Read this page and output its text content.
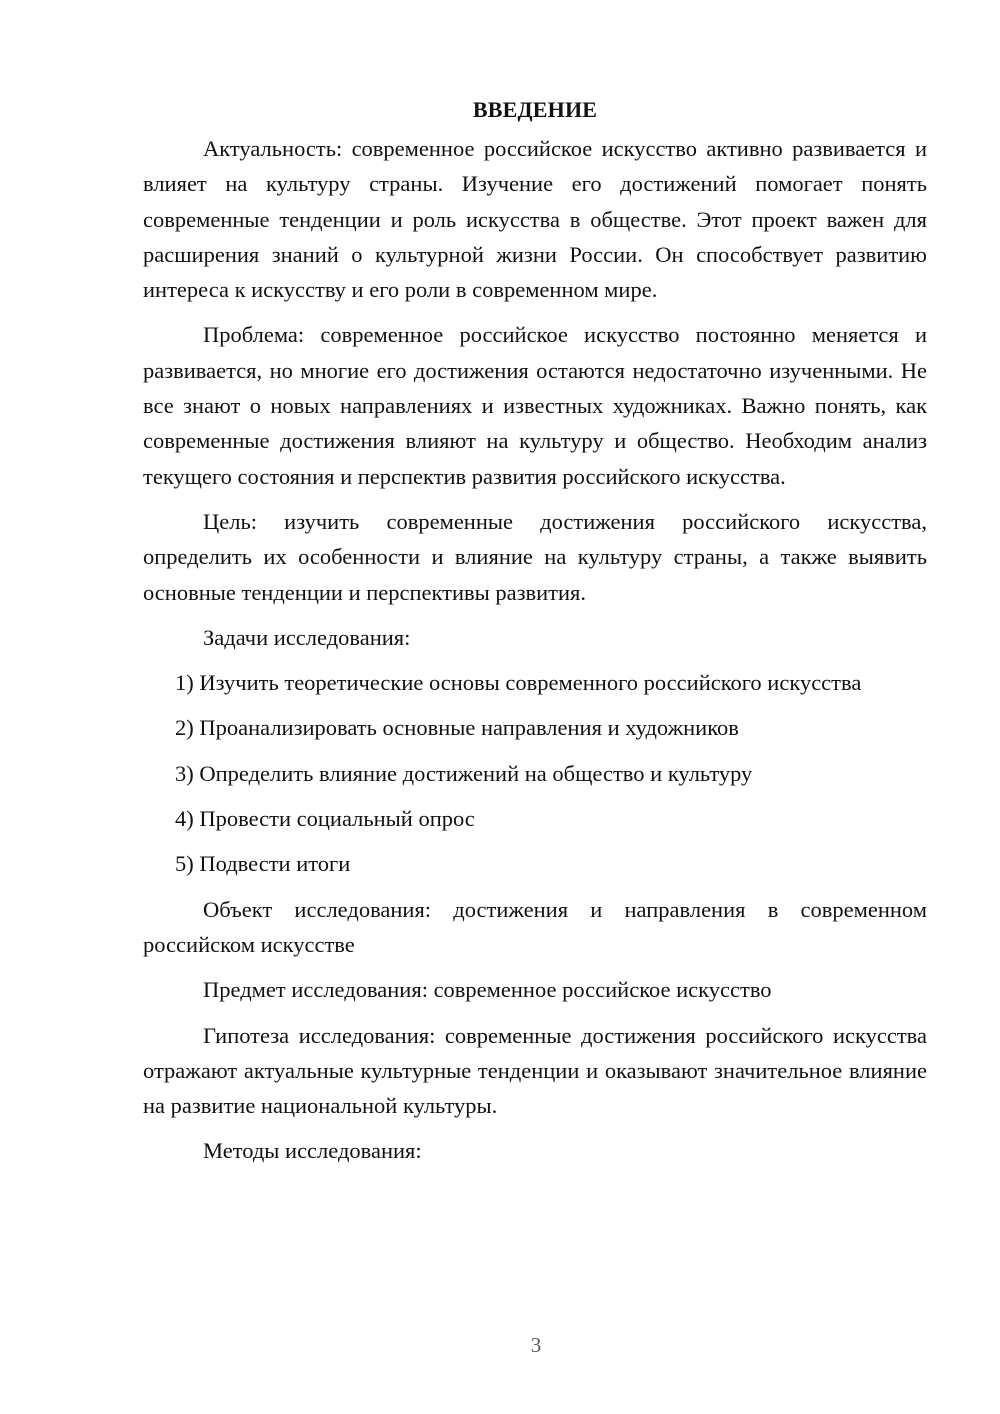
ВВЕДЕНИЕ
Актуальность: современное российское искусство активно развивается и влияет на культуру страны. Изучение его достижений помогает понять современные тенденции и роль искусства в обществе. Этот проект важен для расширения знаний о культурной жизни России. Он способствует развитию интереса к искусству и его роли в современном мире.
Проблема: современное российское искусство постоянно меняется и развивается, но многие его достижения остаются недостаточно изученными. Не все знают о новых направлениях и известных художниках. Важно понять, как современные достижения влияют на культуру и общество. Необходим анализ текущего состояния и перспектив развития российского искусства.
Цель: изучить современные достижения российского искусства, определить их особенности и влияние на культуру страны, а также выявить основные тенденции и перспективы развития.
Задачи исследования:
1) Изучить теоретические основы современного российского искусства
2) Проанализировать основные направления и художников
3) Определить влияние достижений на общество и культуру
4) Провести социальный опрос
5) Подвести итоги
Объект исследования: достижения и направления в современном российском искусстве
Предмет исследования: современное российское искусство
Гипотеза исследования: современные достижения российского искусства отражают актуальные культурные тенденции и оказывают значительное влияние на развитие национальной культуры.
Методы исследования:
3
